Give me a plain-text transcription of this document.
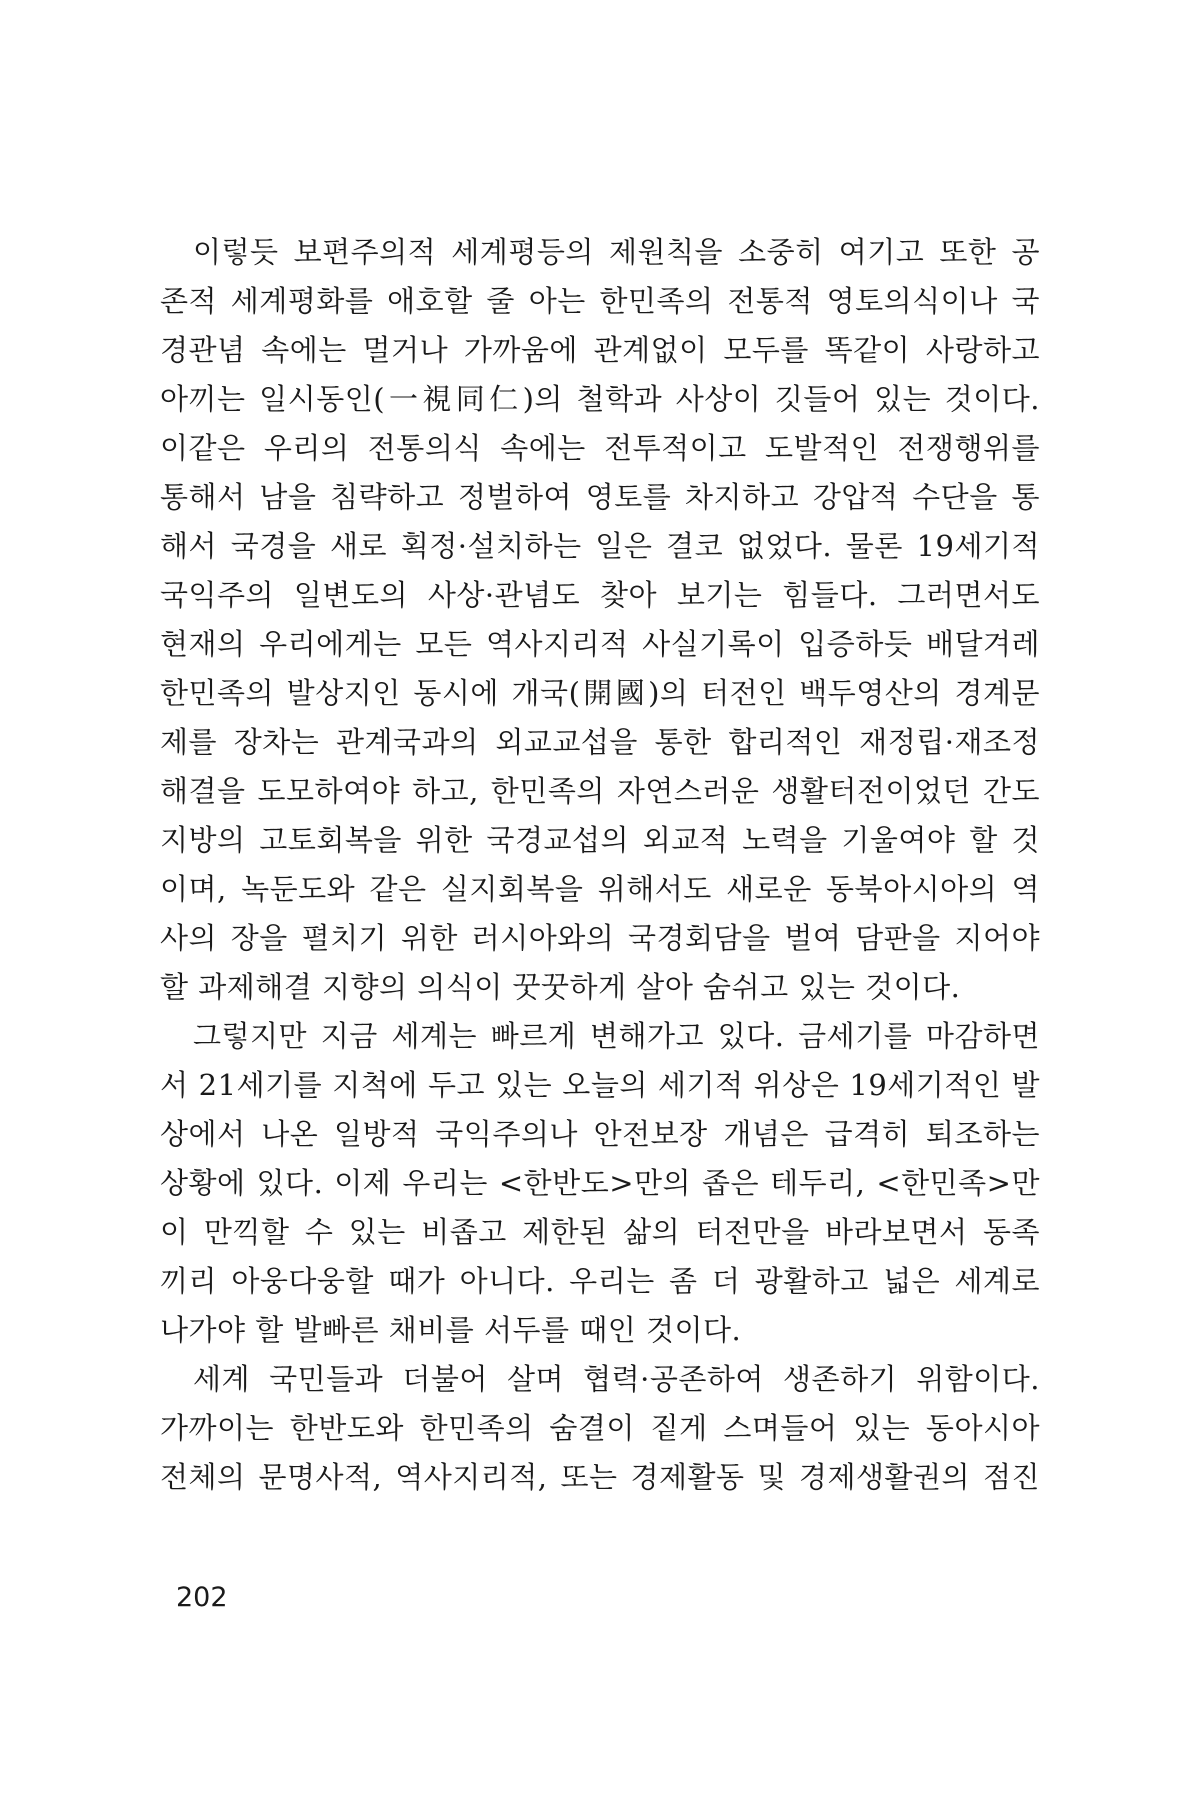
이렇듯 보편주의적 세계평등의 제원칙을 소중히 여기고 또한 공
존적 세계평화를 애호할 줄 아는 한민족의 전통적 영토의식이나 국
경관념 속에는 멀거나 가까움에 관계없이 모두를 똑같이 사랑하고
아끼는 일시동인(一視同仁)의 철학과 사상이 깃들어 있는 것이다.
이같은 우리의 전통의식 속에는 전투적이고 도발적인 전쟁행위를
통해서 남을 침략하고 정벌하여 영토를 차지하고 강압적 수단을 통
해서 국경을 새로 획정·설치하는 일은 결코 없었다. 물론 19세기적
국익주의 일변도의 사상·관념도 찾아 보기는 힘들다. 그러면서도
현재의 우리에게는 모든 역사지리적 사실기록이 입증하듯 배달겨레
한민족의 발상지인 동시에 개국(開國)의 터전인 백두영산의 경계문
제를 장차는 관계국과의 외교교섭을 통한 합리적인 재정립·재조정
해결을 도모하여야 하고, 한민족의 자연스러운 생활터전이었던 간도
지방의 고토회복을 위한 국경교섭의 외교적 노력을 기울여야 할 것
이며, 녹둔도와 같은 실지회복을 위해서도 새로운 동북아시아의 역
사의 장을 펼치기 위한 러시아와의 국경회담을 벌여 담판을 지어야
할 과제해결 지향의 의식이 꿋꿋하게 살아 숨쉬고 있는 것이다.
그렇지만 지금 세계는 빠르게 변해가고 있다. 금세기를 마감하면
서 21세기를 지척에 두고 있는 오늘의 세기적 위상은 19세기적인 발
상에서 나온 일방적 국익주의나 안전보장 개념은 급격히 퇴조하는
상황에 있다. 이제 우리는 <한반도>만의 좁은 테두리, <한민족>만
이 만끽할 수 있는 비좁고 제한된 삶의 터전만을 바라보면서 동족
끼리 아웅다웅할 때가 아니다. 우리는 좀 더 광활하고 넓은 세계로
나가야 할 발빠른 채비를 서두를 때인 것이다.
세계 국민들과 더불어 살며 협력·공존하여 생존하기 위함이다.
가까이는 한반도와 한민족의 숨결이 짙게 스며들어 있는 동아시아
전체의 문명사적, 역사지리적, 또는 경제활동 및 경제생활권의 점진
202
